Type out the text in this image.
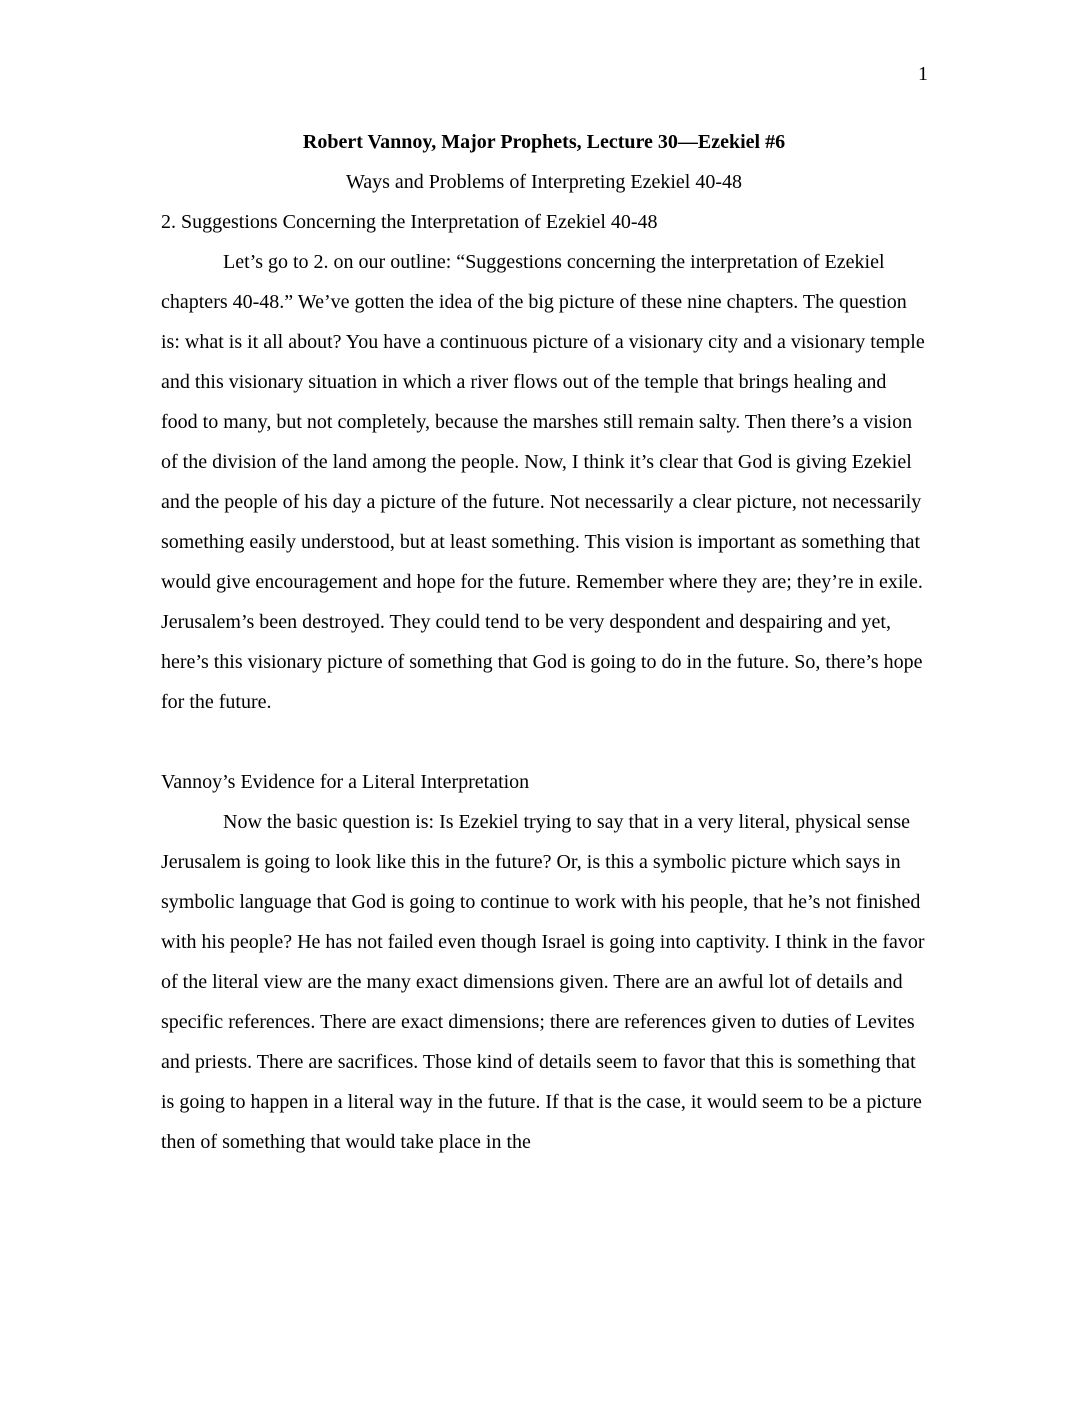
1
Robert Vannoy, Major Prophets, Lecture 30—Ezekiel #6
Ways and Problems of Interpreting Ezekiel 40-48
2. Suggestions Concerning the Interpretation of Ezekiel 40-48

Let’s go to 2. on our outline: “Suggestions concerning the interpretation of Ezekiel chapters 40-48.” We’ve gotten the idea of the big picture of these nine chapters. The question is: what is it all about? You have a continuous picture of a visionary city and a visionary temple and this visionary situation in which a river flows out of the temple that brings healing and food to many, but not completely, because the marshes still remain salty. Then there’s a vision of the division of the land among the people. Now, I think it’s clear that God is giving Ezekiel and the people of his day a picture of the future. Not necessarily a clear picture, not necessarily something easily understood, but at least something. This vision is important as something that would give encouragement and hope for the future. Remember where they are; they’re in exile. Jerusalem’s been destroyed. They could tend to be very despondent and despairing and yet, here’s this visionary picture of something that God is going to do in the future. So, there’s hope for the future.

Vannoy’s Evidence for a Literal Interpretation

Now the basic question is: Is Ezekiel trying to say that in a very literal, physical sense Jerusalem is going to look like this in the future? Or, is this a symbolic picture which says in symbolic language that God is going to continue to work with his people, that he’s not finished with his people? He has not failed even though Israel is going into captivity. I think in the favor of the literal view are the many exact dimensions given. There are an awful lot of details and specific references. There are exact dimensions; there are references given to duties of Levites and priests. There are sacrifices. Those kind of details seem to favor that this is something that is going to happen in a literal way in the future. If that is the case, it would seem to be a picture then of something that would take place in the
